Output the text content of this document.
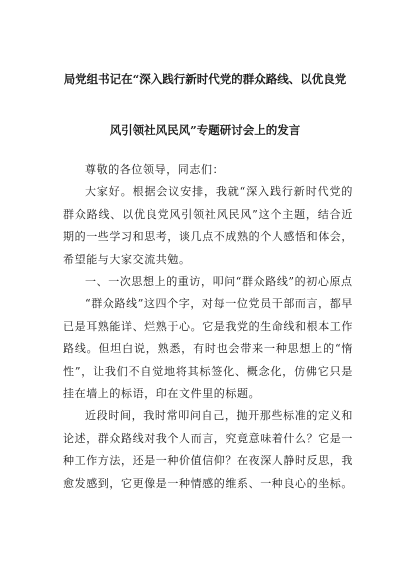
局党组书记在“深入践行新时代党的群众路线、以优良党
风引领社风民风”专题研讨会上的发言

尊敬的各位领导，同志们：

大家好。根据会议安排，我就“深入践行新时代党的群众路线、以优良党风引领社风民风”这个主题，结合近期的一些学习和思考，谈几点不成熟的个人感悟和体会，希望能与大家交流共勉。

一、一次思想上的重访，叩问“群众路线”的初心原点

“群众路线”这四个字，对每一位党员干部而言，都早已是耳熟能详、烂熟于心。它是我党的生命线和根本工作路线。但坦白说，熟悉，有时也会带来一种思想上的“惰性”，让我们不自觉地将其标签化、概念化，仿佛它只是挂在墙上的标语，印在文件里的标题。

近段时间，我时常叩问自己，抛开那些标准的定义和论述，群众路线对我个人而言，究竟意味着什么？它是一种工作方法，还是一种价值信仰？在夜深人静时反思，我愈发感到，它更像是一种情感的维系、一种良心的坐标。
